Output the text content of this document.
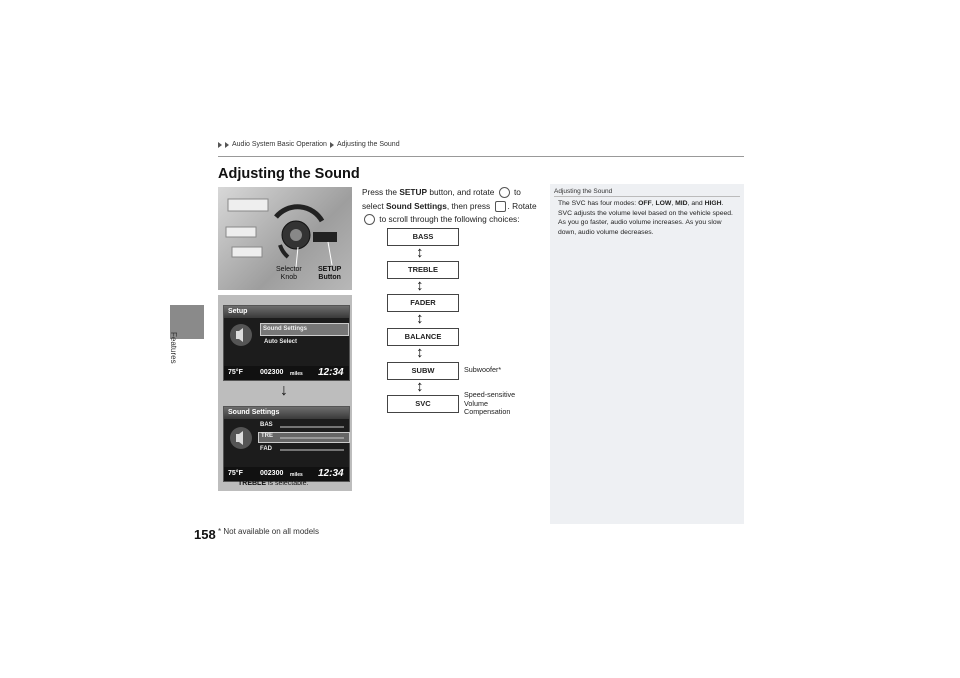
Audio System Basic Operation Adjusting the Sound
Features
Adjusting the Sound
Selector
Knob
SETUP
Button
Setup
Sound Settings
Auto Select
75°F 002300 miles 12:34
↓
Sound Settings
BAS
TRE
FAD
75°F 002300 miles 12:34
TREBLE is selectable.
Press the SETUP button, and rotate  to select Sound Settings, then press . Rotate  to scroll through the following choices:
BASS
↕
TREBLE
↕
FADER
↕
BALANCE
↕
SUBW
↕
SVC
Subwoofer*
Speed-sensitive
Volume
Compensation
Adjusting the Sound
The SVC has four modes: OFF, LOW, MID, and HIGH.
SVC adjusts the volume level based on the vehicle speed. As you go faster, audio volume increases. As you slow down, audio volume decreases.
158 * Not available on all models
